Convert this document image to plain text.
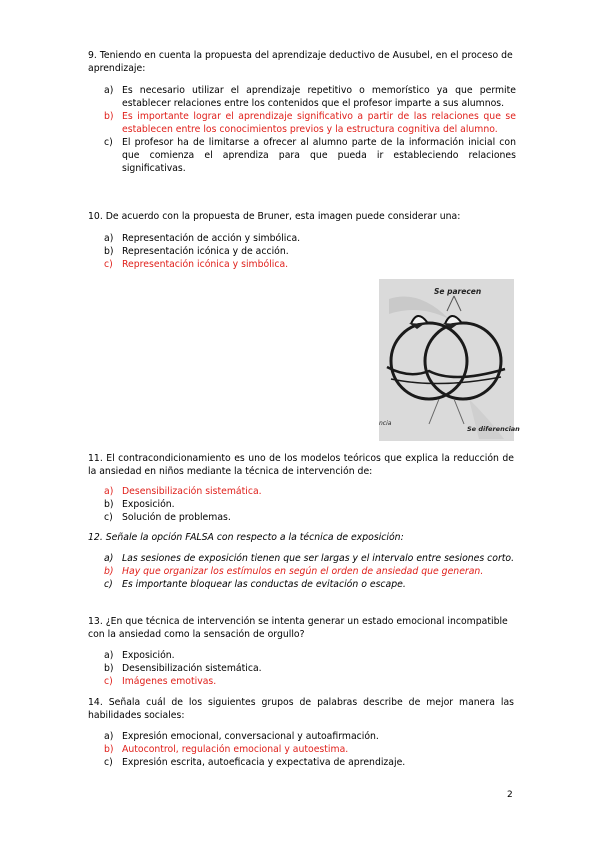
9. Teniendo en cuenta la propuesta del aprendizaje deductivo de Ausubel, en el proceso de aprendizaje:
a) Es necesario utilizar el aprendizaje repetitivo o memorístico ya que permite establecer relaciones entre los contenidos que el profesor imparte a sus alumnos.
b) Es importante lograr el aprendizaje significativo a partir de las relaciones que se establecen entre los conocimientos previos y la estructura cognitiva del alumno.
c) El profesor ha de limitarse a ofrecer al alumno parte de la información inicial con que comienza el aprendiza para que pueda ir estableciendo relaciones significativas.
10. De acuerdo con la propuesta de Bruner, esta imagen puede considerar una:
a) Representación de acción y simbólica.
b) Representación icónica y de acción.
c) Representación icónica y simbólica.
Se parecen
ncia
Se diferencian
11. El contracondicionamiento es uno de los modelos teóricos que explica la reducción de la ansiedad en niños mediante la técnica de intervención de:
a) Desensibilización sistemática.
b) Exposición.
c) Solución de problemas.
12. Señale la opción FALSA con respecto a la técnica de exposición:
a) Las sesiones de exposición tienen que ser largas y el intervalo entre sesiones corto.
b) Hay que organizar los estímulos en según el orden de ansiedad que generan.
c) Es importante bloquear las conductas de evitación o escape.
13. ¿En que técnica de intervención se intenta generar un estado emocional incompatible con la ansiedad como la sensación de orgullo?
a) Exposición.
b) Desensibilización sistemática.
c) Imágenes emotivas.
14. Señala cuál de los siguientes grupos de palabras describe de mejor manera las habilidades sociales:
a) Expresión emocional, conversacional y autoafirmación.
b) Autocontrol, regulación emocional y autoestima.
c) Expresión escrita, autoeficacia y expectativa de aprendizaje.
2
